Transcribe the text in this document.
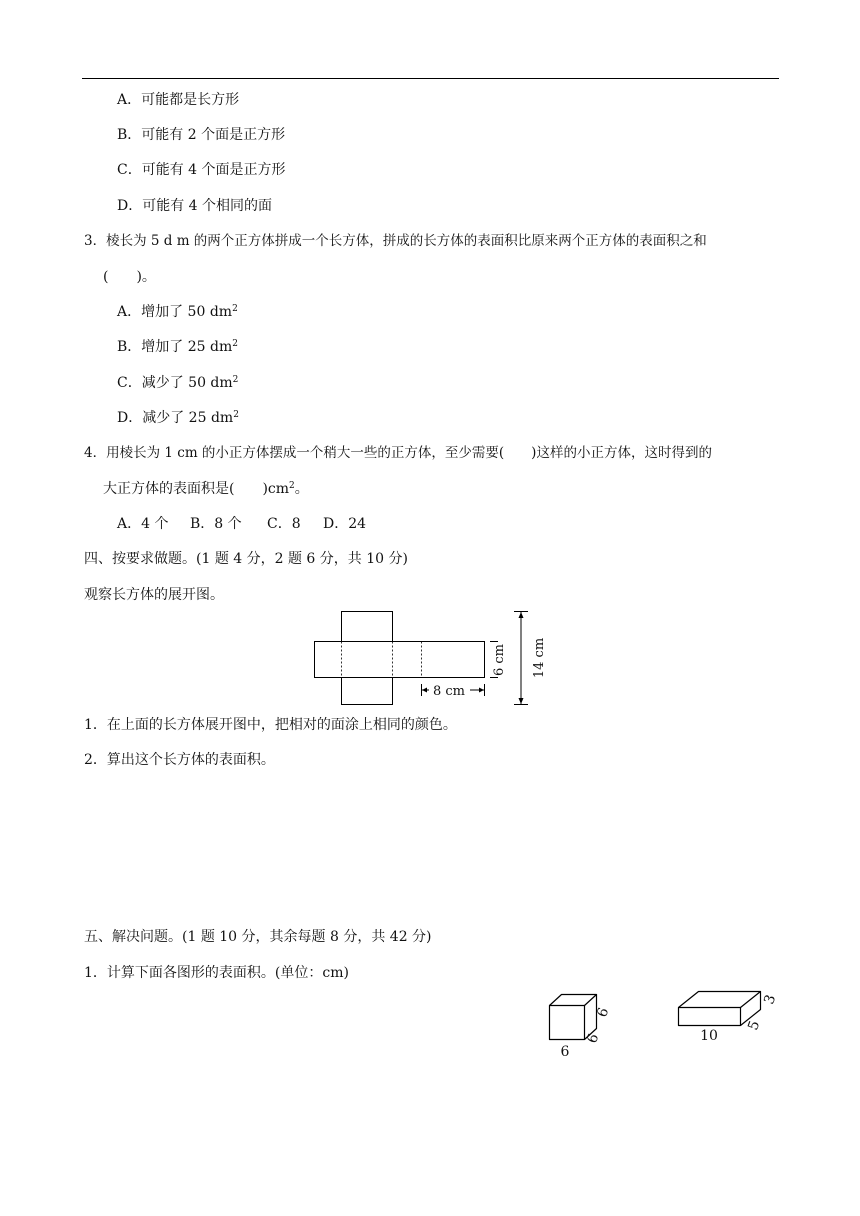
A．可能都是长方形
B．可能有 2 个面是正方形
C．可能有 4 个面是正方形
D．可能有 4 个相同的面
3．棱长为 5 d m 的两个正方体拼成一个长方体，拼成的长方体的表面积比原来两个正方体的表面积之和
(　　)。
A．增加了 50 $dm^2$
B．增加了 25 $dm^2$
C．减少了 50 $dm^2$
D．减少了 25 $dm^2$
4．用棱长为 1 cm 的小正方体摆成一个稍大一些的正方体，至少需要(　　)这样的小正方体，这时得到的
大正方体的表面积是(　　)$cm^2$。
A．4 个 B．8 个 C．8 D．24
四、按要求做题。(1 题 4 分，2 题 6 分，共 10 分)
观察长方体的展开图。
8 cm
6 cm 14 cm
1．在上面的长方体展开图中，把相对的面涂上相同的颜色。
2．算出这个长方体的表面积。
五、解决问题。(1 题 10 分，其余每题 8 分，共 42 分)
1．计算下面各图形的表面积。(单位：cm)
6
6
6
10
5
3
